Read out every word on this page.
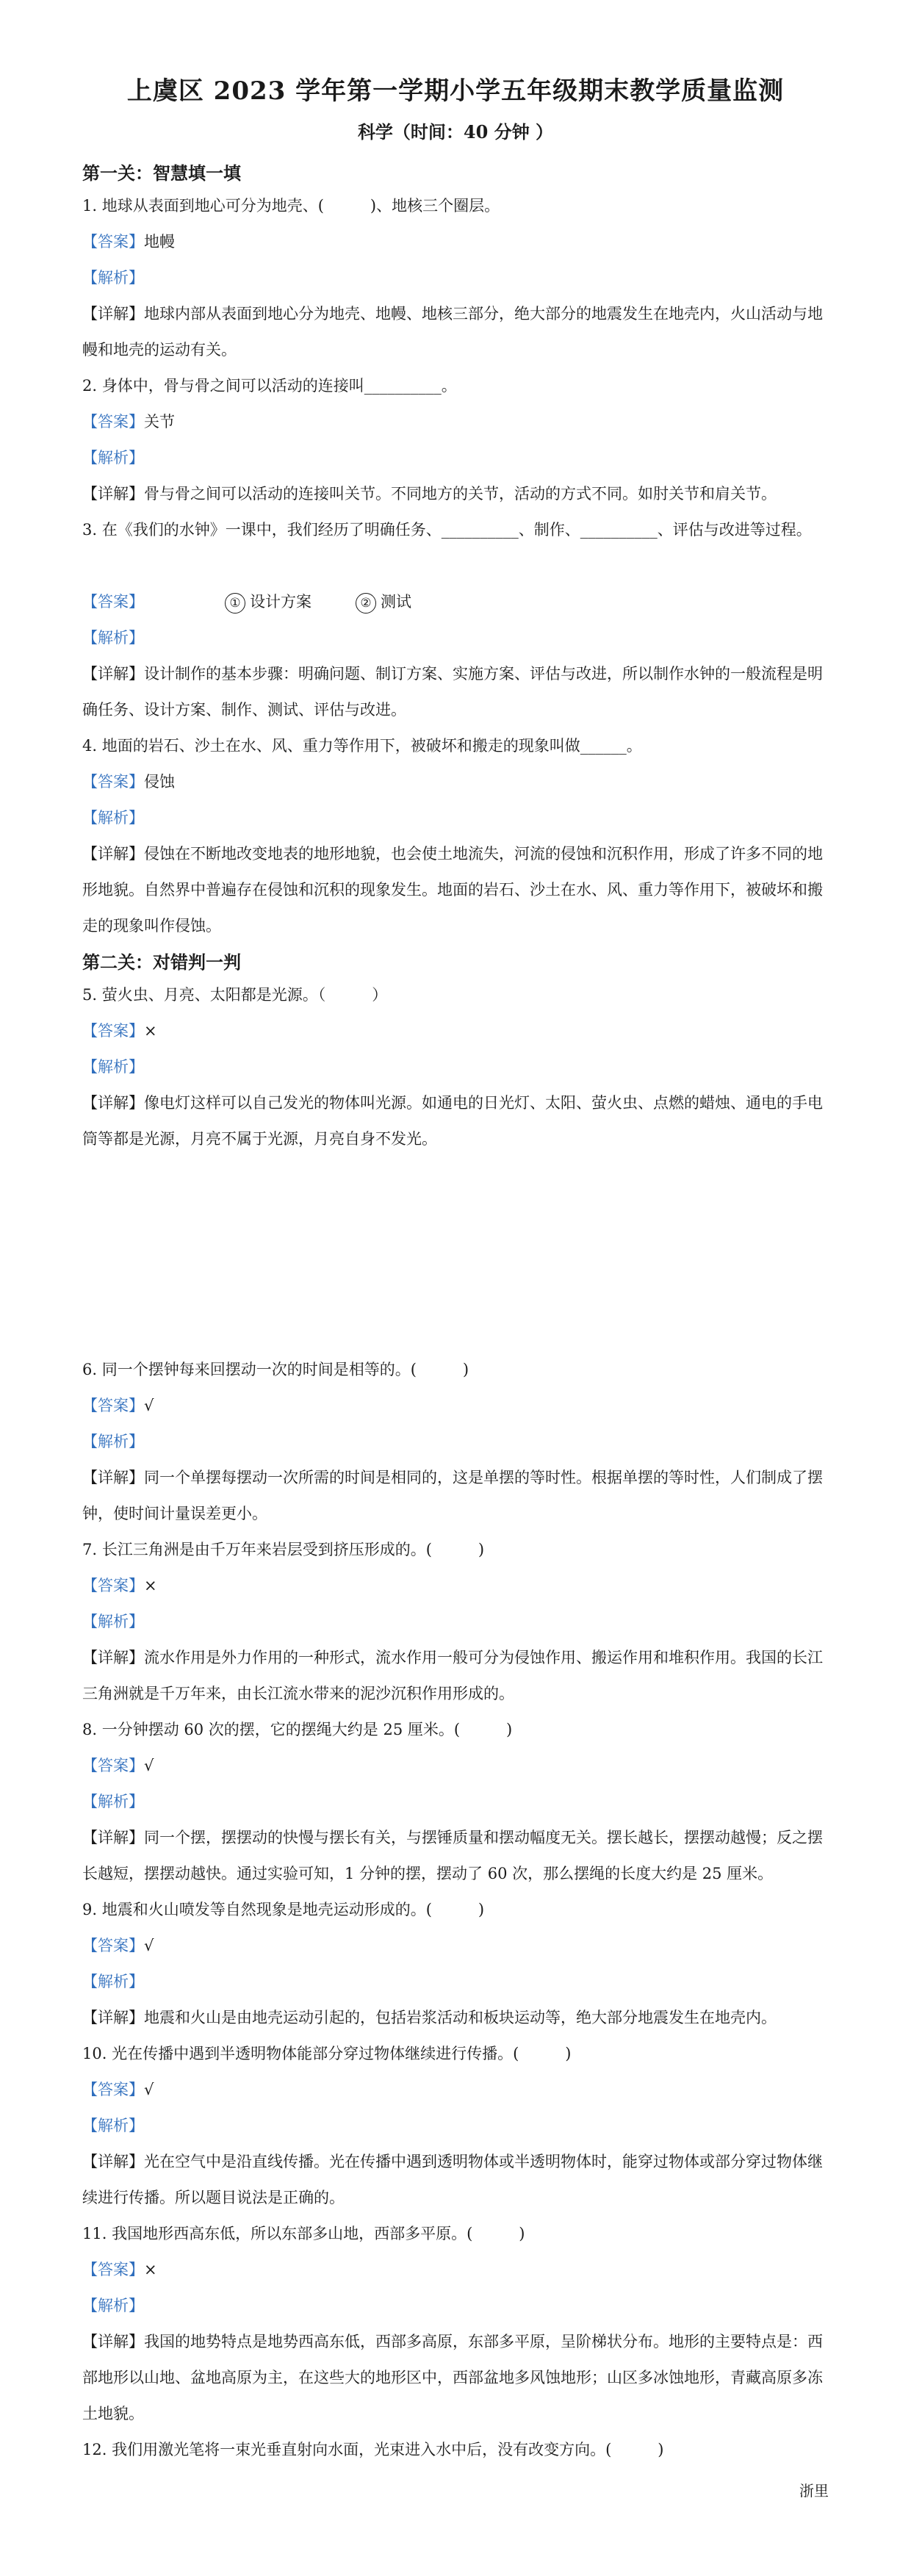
上虞区 2023 学年第一学期小学五年级期末教学质量监测
科学（时间：40 分钟 ）
第一关：智慧填一填
1. 地球从表面到地心可分为地壳、(　　　)、地核三个圈层。
【答案】地幔
【解析】
【详解】地球内部从表面到地心分为地壳、地幔、地核三部分，绝大部分的地震发生在地壳内，火山活动与地幔和地壳的运动有关。
2. 身体中，骨与骨之间可以活动的连接叫__________。
【答案】关节
【解析】
【详解】骨与骨之间可以活动的连接叫关节。不同地方的关节，活动的方式不同。如肘关节和肩关节。
3. 在《我们的水钟》一课中，我们经历了明确任务、__________、制作、__________、评估与改进等过程。
【答案】	① 设计方案	② 测试
【解析】
【详解】设计制作的基本步骤：明确问题、制订方案、实施方案、评估与改进，所以制作水钟的一般流程是明确任务、设计方案、制作、测试、评估与改进。
4. 地面的岩石、沙土在水、风、重力等作用下，被破坏和搬走的现象叫做______。
【答案】侵蚀
【解析】
【详解】侵蚀在不断地改变地表的地形地貌，也会使土地流失，河流的侵蚀和沉积作用，形成了许多不同的地形地貌。自然界中普遍存在侵蚀和沉积的现象发生。地面的岩石、沙土在水、风、重力等作用下，被破坏和搬走的现象叫作侵蚀。
第二关：对错判一判
5. 萤火虫、月亮、太阳都是光源。（　　　）
【答案】×
【解析】
【详解】像电灯这样可以自己发光的物体叫光源。如通电的日光灯、太阳、萤火虫、点燃的蜡烛、通电的手电筒等都是光源，月亮不属于光源，月亮自身不发光。
6. 同一个摆钟每来回摆动一次的时间是相等的。(　　　)
【答案】√
【解析】
【详解】同一个单摆每摆动一次所需的时间是相同的，这是单摆的等时性。根据单摆的等时性，人们制成了摆钟，使时间计量误差更小。
7. 长江三角洲是由千万年来岩层受到挤压形成的。(　　　)
【答案】×
【解析】
【详解】流水作用是外力作用的一种形式，流水作用一般可分为侵蚀作用、搬运作用和堆积作用。我国的长江三角洲就是千万年来，由长江流水带来的泥沙沉积作用形成的。
8. 一分钟摆动 60 次的摆，它的摆绳大约是 25 厘米。(　　　)
【答案】√
【解析】
【详解】同一个摆，摆摆动的快慢与摆长有关，与摆锤质量和摆动幅度无关。摆长越长，摆摆动越慢；反之摆长越短，摆摆动越快。通过实验可知，1 分钟的摆，摆动了 60 次，那么摆绳的长度大约是 25 厘米。
9. 地震和火山喷发等自然现象是地壳运动形成的。(　　　)
【答案】√
【解析】
【详解】地震和火山是由地壳运动引起的，包括岩浆活动和板块运动等，绝大部分地震发生在地壳内。
10. 光在传播中遇到半透明物体能部分穿过物体继续进行传播。(　　　)
【答案】√
【解析】
【详解】光在空气中是沿直线传播。光在传播中遇到透明物体或半透明物体时，能穿过物体或部分穿过物体继续进行传播。所以题目说法是正确的。
11. 我国地形西高东低，所以东部多山地，西部多平原。(　　　)
【答案】×
【解析】
【详解】我国的地势特点是地势西高东低，西部多高原，东部多平原，呈阶梯状分布。地形的主要特点是：西部地形以山地、盆地高原为主，在这些大的地形区中，西部盆地多风蚀地形；山区多冰蚀地形，青藏高原多冻土地貌。
12. 我们用激光笔将一束光垂直射向水面，光束进入水中后，没有改变方向。(　　　)
浙里
